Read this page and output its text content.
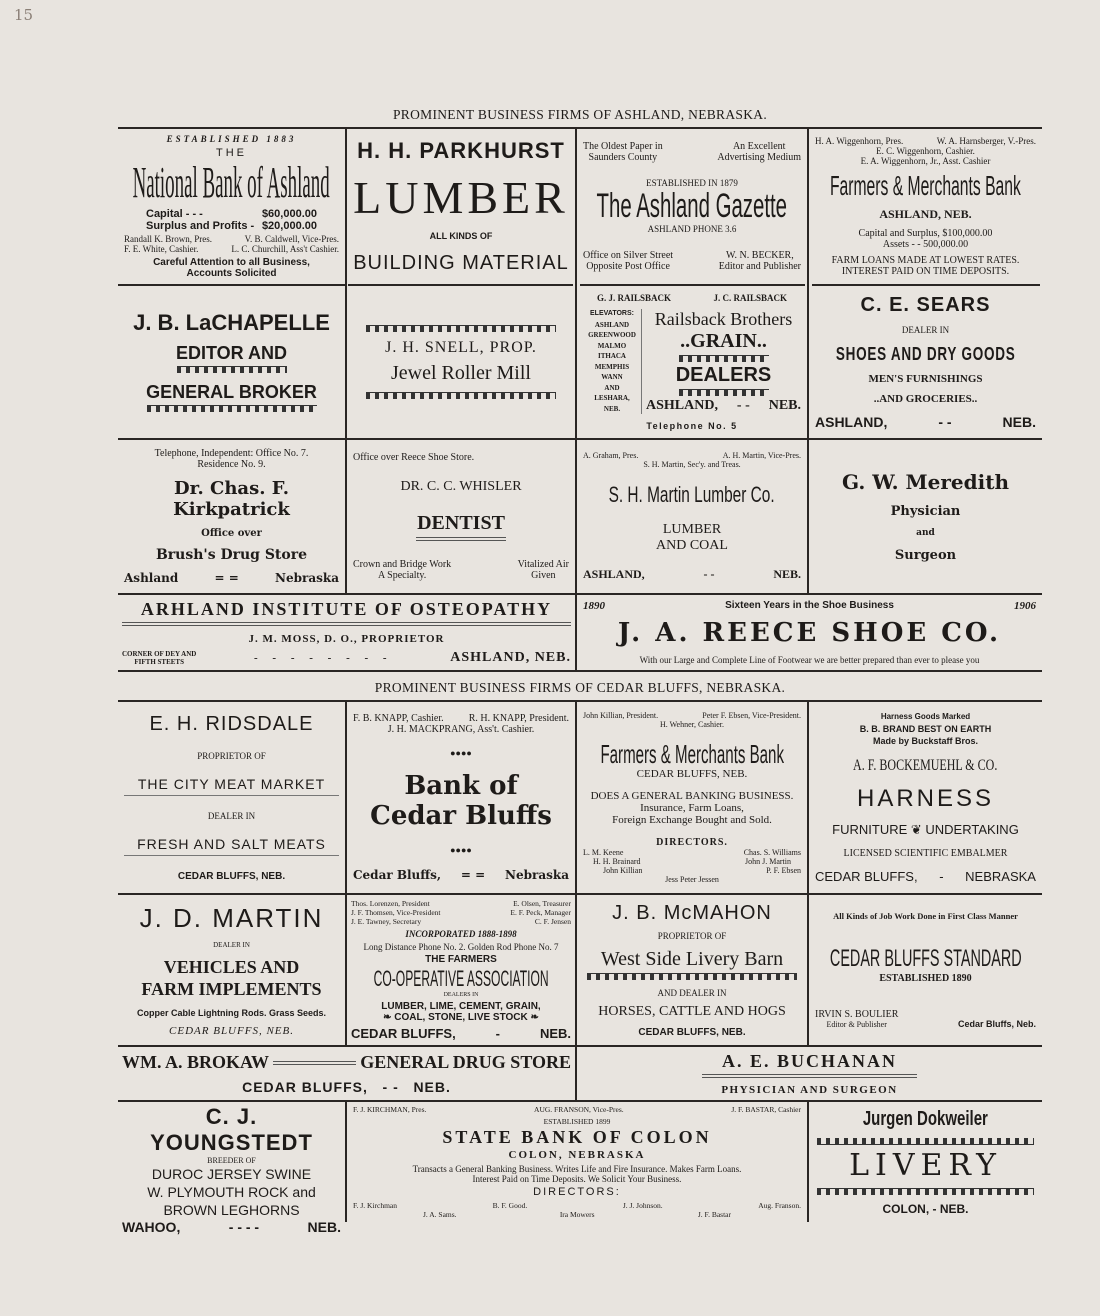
15
PROMINENT BUSINESS FIRMS OF ASHLAND, NEBRASKA.
PROMINENT BUSINESS FIRMS OF CEDAR BLUFFS, NEBRASKA.
ESTABLISHED 1883
THE
National Bank of Ashland
Capital - - -	$60,000.00
Surplus and Profits - $20,000.00
Randall K. Brown, Pres.	V. B. Caldwell, Vice-Pres.
F. E. White, Cashier.	L. C. Churchill, Ass't Cashier.
Careful Attention to all Business,
Accounts Solicited
H. H. PARKHURST
LUMBER
ALL KINDS OF
BUILDING MATERIAL
The Oldest Paper in
Saunders County
An Excellent
Advertising Medium
ESTABLISHED IN 1879
The Ashland Gazette
ASHLAND PHONE 3.6
Office on Silver Street
Opposite Post Office
W. N. BECKER,
Editor and Publisher
H. A. Wiggenhorn, Pres.	W. A. Harnsberger, V.-Pres.
E. C. Wiggenhorn, Cashier.
E. A. Wiggenhorn, Jr., Asst. Cashier
Farmers & Merchants Bank
ASHLAND, NEB.
Capital and Surplus, $100,000.00
Assets - - 500,000.00
FARM LOANS MADE AT LOWEST RATES.
INTEREST PAID ON TIME DEPOSITS.
J. B. LaCHAPELLE
EDITOR AND
GENERAL BROKER
J. H. SNELL, PROP.
Jewel Roller Mill
G. J. RAILSBACK	J. C. RAILSBACK
ELEVATORS:
ASHLAND
GREENWOOD
MALMO
ITHACA
MEMPHIS
WANN
AND
LESHARA,
NEB.
Railsback Brothers
..GRAIN..
DEALERS
ASHLAND, - - NEB.
Telephone No. 5
C. E. SEARS
DEALER IN
SHOES AND DRY GOODS
MEN'S FURNISHINGS
..AND GROCERIES..
ASHLAND,	- -	NEB.
Telephone, Independent: Office No. 7.
Residence No. 9.
Dr. Chas. F. Kirkpatrick
Office over
Brush's Drug Store
Ashland	= =	Nebraska
Office over Reece Shoe Store.
DR. C. C. WHISLER
DENTIST
Crown and Bridge Work
A Specialty.
Vitalized Air
Given
A. Graham, Pres.	A. H. Martin, Vice-Pres.
S. H. Martin, Sec'y. and Treas.
S. H. Martin Lumber Co.
LUMBER
AND COAL
ASHLAND,	- -	NEB.
G. W. Meredith
Physician
and
Surgeon
ARHLAND INSTITUTE OF OSTEOPATHY
J. M. MOSS, D. O., PROPRIETOR
CORNER OF DEY AND
FIFTH STEETS	- - - - - - - -	ASHLAND, NEB.
1890	Sixteen Years in the Shoe Business	1906
J. A. REECE SHOE CO.
With our Large and Complete Line of Footwear we are better prepared than ever to please you
E. H. RIDSDALE
PROPRIETOR OF
THE CITY MEAT MARKET
DEALER IN
FRESH AND SALT MEATS
CEDAR BLUFFS, NEB.
F. B. KNAPP, Cashier.	R. H. KNAPP, President.
J. H. MACKPRANG, Ass't. Cashier.
●●●●
Bank of
Cedar Bluffs
●●●●
Cedar Bluffs, = = Nebraska
John Killian, President.	Peter F. Ebsen, Vice-President.
H. Wehner, Cashier.
Farmers & Merchants Bank
CEDAR BLUFFS, NEB.
DOES A GENERAL BANKING BUSINESS.
Insurance, Farm Loans,
Foreign Exchange Bought and Sold.
DIRECTORS.
L. M. Keene	Chas. S. Williams
H. H. Brainard	John J. Martin
John Killian	P. F. Ebsen
Jess Peter Jessen
Harness Goods Marked
B. B. BRAND BEST ON EARTH
Made by Buckstaff Bros.
A. F. BOCKEMUEHL & CO.
HARNESS
FURNITURE ❦ UNDERTAKING
LICENSED SCIENTIFIC EMBALMER
CEDAR BLUFFS, - NEBRASKA
J. D. MARTIN
DEALER IN
VEHICLES AND
FARM IMPLEMENTS
Copper Cable Lightning Rods. Grass Seeds.
CEDAR BLUFFS, NEB.
Thos. Lorenzen, President	E. Olsen, Treasurer
J. F. Thomsen, Vice-President	E. F. Peck, Manager
J. E. Tawney, Secretary	C. F. Jensen
INCORPORATED 1888-1898
Long Distance Phone No. 2. Golden Rod Phone No. 7
THE FARMERS
CO-OPERATIVE ASSOCIATION
DEALERS IN
LUMBER, LIME, CEMENT, GRAIN,
❧ COAL, STONE, LIVE STOCK ❧
CEDAR BLUFFS,	-	NEB.
J. B. McMAHON
PROPRIETOR OF
West Side Livery Barn
AND DEALER IN
HORSES, CATTLE AND HOGS
CEDAR BLUFFS, NEB.
All Kinds of Job Work Done in First Class Manner
CEDAR BLUFFS STANDARD
ESTABLISHED 1890
IRVIN S. BOULIER
Editor & Publisher	Cedar Bluffs, Neb.
WM. A. BROKAW	GENERAL DRUG STORE
CEDAR BLUFFS, - - NEB.
A. E. BUCHANAN
PHYSICIAN AND SURGEON
C. J. YOUNGSTEDT
BREEDER OF
DUROC JERSEY SWINE
W. PLYMOUTH ROCK and
BROWN LEGHORNS
WAHOO,	- - - -	NEB.
F. J. KIRCHMAN, Pres.	AUG. FRANSON, Vice-Pres.	J. F. BASTAR, Cashier
ESTABLISHED 1899
STATE BANK OF COLON
COLON, NEBRASKA
Transacts a General Banking Business. Writes Life and Fire Insurance. Makes Farm Loans.
Interest Paid on Time Deposits. We Solicit Your Business.
DIRECTORS:
F. J. Kirchman	B. F. Good.	J. J. Johnson.	Aug. Franson.
J. A. Sams.	Ira Mowers	J. F. Bastar
Jurgen Dokweiler
LIVERY
COLON, - NEB.
